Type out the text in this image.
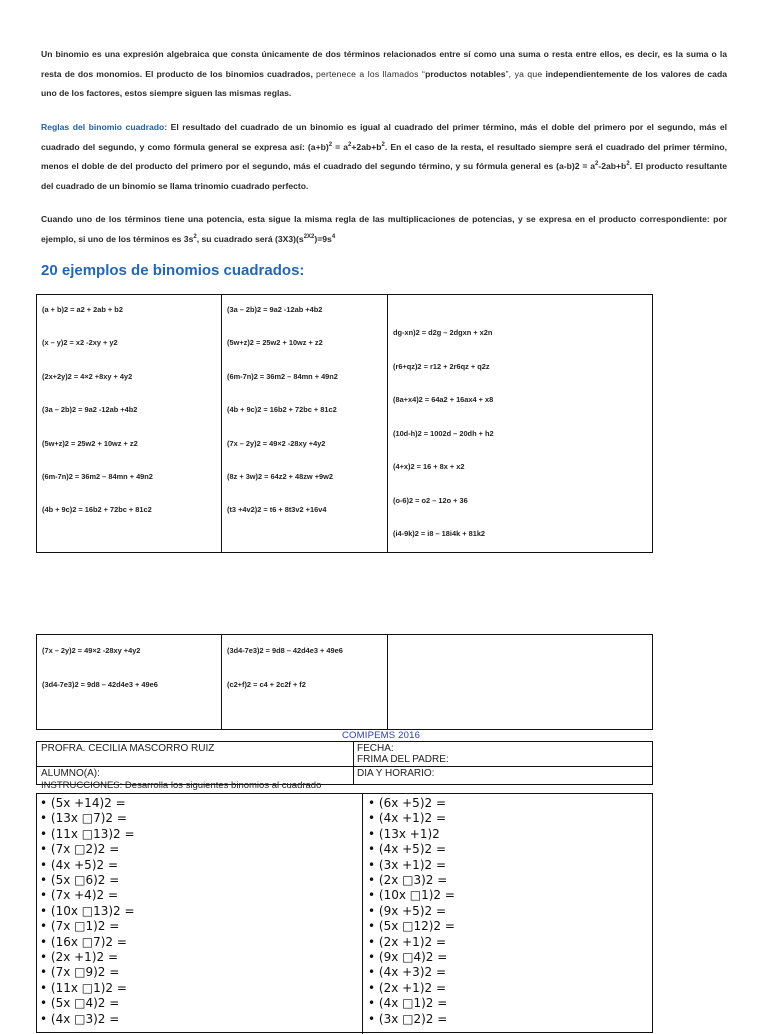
Un binomio es una expresión algebraica que consta únicamente de dos términos relacionados entre sí como una suma o resta entre ellos, es decir, es la suma o la resta de dos monomios. El producto de los binomios cuadrados, pertenece a los llamados “productos notables”, ya que independientemente de los valores de cada uno de los factores, estos siempre siguen las mismas reglas.

Reglas del binomio cuadrado: El resultado del cuadrado de un binomio es igual al cuadrado del primer término, más el doble del primero por el segundo, más el cuadrado del segundo, y como fórmula general se expresa así: $(a+b)^2 = a^2+2ab+b^2$. En el caso de la resta, el resultado siempre será el cuadrado del primer término, menos el doble de del producto del primero por el segundo, más el cuadrado del segundo término, y su fórmula general es $(a-b)2 = a^2-2ab+b^2$. El producto resultante del cuadrado de un binomio se llama trinomio cuadrado perfecto.

Cuando uno de los términos tiene una potencia, esta sigue la misma regla de las multiplicaciones de potencias, y se expresa en el producto correspondiente: por ejemplo, si uno de los términos es $3s^2$, su cuadrado será $(3X3)(s^{2X2})=9s^4$

20 ejemplos de binomios cuadrados:
(a + b)2 = a2 + 2ab + b2
(x – y)2 = x2 -2xy + y2
(2x+2y)2 = 4×2 +8xy + 4y2
(3a – 2b)2 = 9a2 -12ab +4b2
(5w+z)2 = 25w2 + 10wz + z2
(6m-7n)2 = 36m2 – 84mn + 49n2
(4b + 9c)2 = 16b2 + 72bc + 81c2
(3a – 2b)2 = 9a2 -12ab +4b2
(5w+z)2 = 25w2 + 10wz + z2
(6m-7n)2 = 36m2 – 84mn + 49n2
(4b + 9c)2 = 16b2 + 72bc + 81c2
(7x – 2y)2 = 49×2 -28xy +4y2
(8z + 3w)2 = 64z2 + 48zw +9w2
(t3 +4v2)2 = t6 + 8t3v2 +16v4
dg-xn)2 = d2g – 2dgxn + x2n
(r6+qz)2 = r12 + 2r6qz + q2z
(8a+x4)2 = 64a2 + 16ax4 + x8
(10d-h)2 = 1002d – 20dh + h2
(4+x)2 = 16 + 8x + x2
(o-6)2 = o2 – 12o + 36
(i4-9k)2 = i8 – 18i4k + 81k2
(7x – 2y)2 = 49×2 -28xy +4y2
(3d4-7e3)2 = 9d8 – 42d4e3 + 49e6
(3d4-7e3)2 = 9d8 – 42d4e3 + 49e6
(c2+f)2 = c4 + 2c2f + f2
COMIPEMS 2016
PROFRA. CECILIA MASCORRO RUIZ	FECHA:
FRIMA DEL PADRE:
ALUMNO(A):	DIA Y HORARIO:
INSTRUCCIONES: Desarrolla los siguientes binomios al cuadrado
• (5x +14)2 =
• (13x □7)2 =
• (11x □13)2 =
• (7x □2)2 =
• (4x +5)2 =
• (5x □6)2 =
• (7x +4)2 =
• (10x □13)2 =
• (7x □1)2 =
• (16x □7)2 =
• (2x +1)2 =
• (7x □9)2 =
• (11x □1)2 =
• (5x □4)2 =
• (4x □3)2 =
• (6x +5)2 =
• (4x +1)2 =
• (13x +1)2
• (4x +5)2 =
• (3x +1)2 =
• (2x □3)2 =
• (10x □1)2 =
• (9x +5)2 =
• (5x □12)2 =
• (2x +1)2 =
• (9x □4)2 =
• (4x +3)2 =
• (2x +1)2 =
• (4x □1)2 =
• (3x □2)2 =
